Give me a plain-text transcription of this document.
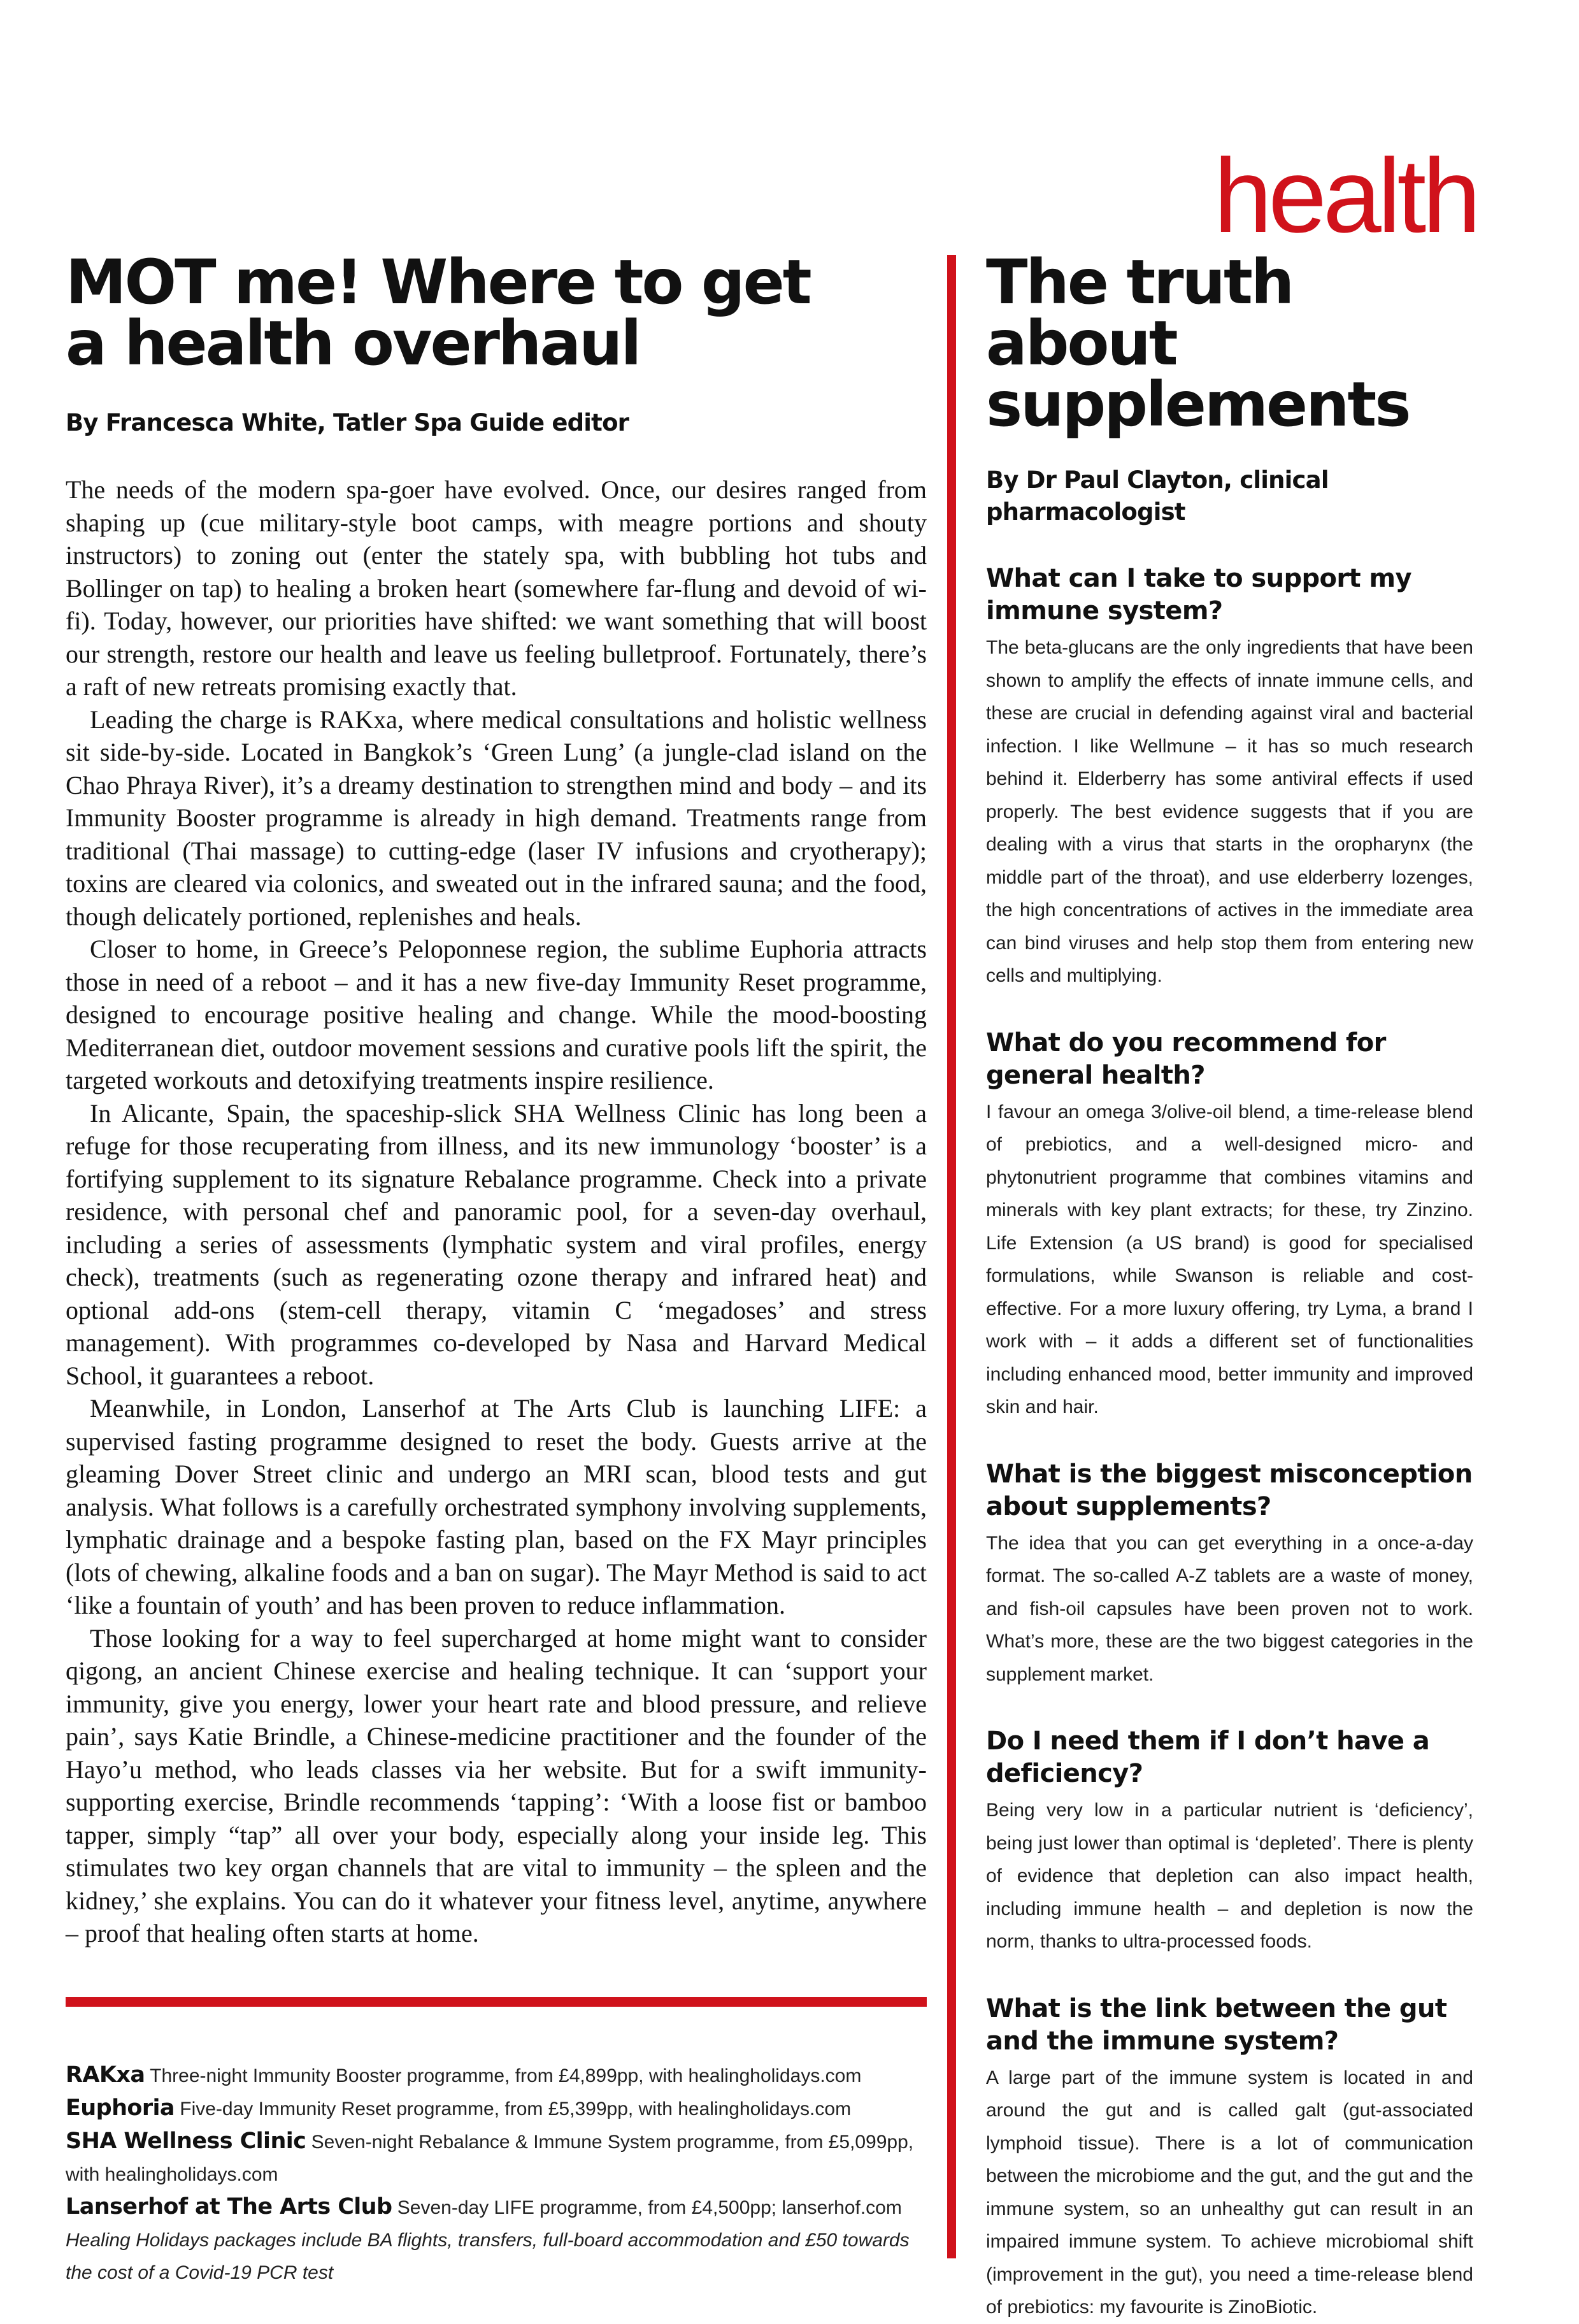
health
MOT me! Where to get
a health overhaul
By Francesca White, Tatler Spa Guide editor

The needs of the modern spa-goer have evolved. Once, our desires ranged from shaping up (cue military-style boot camps, with meagre portions and shouty instructors) to zoning out (enter the stately spa, with bubbling hot tubs and Bollinger on tap) to healing a broken heart (somewhere far-flung and devoid of wi-fi). Today, however, our priorities have shifted: we want something that will boost our strength, restore our health and leave us feeling bulletproof. Fortunately, there’s a raft of new retreats promising exactly that.

Leading the charge is RAKxa, where medical consultations and holistic wellness sit side-by-side. Located in Bangkok’s ‘Green Lung’ (a jungle-clad island on the Chao Phraya River), it’s a dreamy destination to strengthen mind and body – and its Immunity Booster programme is already in high demand. Treatments range from traditional (Thai massage) to cutting-edge (laser IV infusions and cryotherapy); toxins are cleared via colonics, and sweated out in the infrared sauna; and the food, though delicately portioned, replenishes and heals.

Closer to home, in Greece’s Peloponnese region, the sublime Euphoria attracts those in need of a reboot – and it has a new five-day Immunity Reset programme, designed to encourage positive healing and change. While the mood-boosting Mediterranean diet, outdoor movement sessions and curative pools lift the spirit, the targeted workouts and detoxifying treatments inspire resilience.

In Alicante, Spain, the spaceship-slick SHA Wellness Clinic has long been a refuge for those recuperating from illness, and its new immunology ‘booster’ is a fortifying supplement to its signature Rebalance programme. Check into a private residence, with personal chef and panoramic pool, for a seven-day overhaul, including a series of assessments (lymphatic system and viral profiles, energy check), treatments (such as regenerating ozone therapy and infrared heat) and optional add-ons (stem-cell therapy, vitamin C ‘megadoses’ and stress management). With programmes co-developed by Nasa and Harvard Medical School, it guarantees a reboot.

Meanwhile, in London, Lanserhof at The Arts Club is launching LIFE: a supervised fasting programme designed to reset the body. Guests arrive at the gleaming Dover Street clinic and undergo an MRI scan, blood tests and gut analysis. What follows is a carefully orchestrated symphony involving supplements, lymphatic drainage and a bespoke fasting plan, based on the FX Mayr principles (lots of chewing, alkaline foods and a ban on sugar). The Mayr Method is said to act ‘like a fountain of youth’ and has been proven to reduce inflammation.

Those looking for a way to feel supercharged at home might want to consider qigong, an ancient Chinese exercise and healing technique. It can ‘support your immunity, give you energy, lower your heart rate and blood pressure, and relieve pain’, says Katie Brindle, a Chinese-medicine practitioner and the founder of the Hayo’u method, who leads classes via her website. But for a swift immunity-supporting exercise, Brindle recommends ‘tapping’: ‘With a loose fist or bamboo tapper, simply “tap” all over your body, especially along your inside leg. This stimulates two key organ channels that are vital to immunity – the spleen and the kidney,’ she explains. You can do it whatever your fitness level, anytime, anywhere – proof that healing often starts at home.

RAKxa Three-night Immunity Booster programme, from £4,899pp, with healingholidays.com
Euphoria Five-day Immunity Reset programme, from £5,399pp, with healingholidays.com
SHA Wellness Clinic Seven-night Rebalance & Immune System programme, from £5,099pp, with healingholidays.com
Lanserhof at The Arts Club Seven-day LIFE programme, from £4,500pp; lanserhof.com
Healing Holidays packages include BA flights, transfers, full-board accommodation and £50 towards the cost of a Covid-19 PCR test
The truth about
supplements
By Dr Paul Clayton, clinical
pharmacologist
What can I take to support my immune system?

The beta-glucans are the only ingredients that have been shown to amplify the effects of innate immune cells, and these are crucial in defending against viral and bacterial infection. I like Wellmune – it has so much research behind it. Elderberry has some antiviral effects if used properly. The best evidence suggests that if you are dealing with a virus that starts in the oropharynx (the middle part of the throat), and use elderberry lozenges, the high concentrations of actives in the immediate area can bind viruses and help stop them from entering new cells and multiplying.

What do you recommend for general health?

I favour an omega 3/olive-oil blend, a time-release blend of prebiotics, and a well-designed micro- and phytonutrient programme that combines vitamins and minerals with key plant extracts; for these, try Zinzino. Life Extension (a US brand) is good for specialised formulations, while Swanson is reliable and cost-effective. For a more luxury offering, try Lyma, a brand I work with – it adds a different set of functionalities including enhanced mood, better immunity and improved skin and hair.

What is the biggest misconception about supplements?

The idea that you can get everything in a once-a-day format. The so-called A-Z tablets are a waste of money, and fish-oil capsules have been proven not to work. What’s more, these are the two biggest categories in the supplement market.

Do I need them if I don’t have a deficiency?

Being very low in a particular nutrient is ‘deficiency’, being just lower than optimal is ‘depleted’. There is plenty of evidence that depletion can also impact health, including immune health – and depletion is now the norm, thanks to ultra-processed foods.

What is the link between the gut and the immune system?

A large part of the immune system is located in and around the gut and is called galt (gut-associated lymphoid tissue). There is a lot of communication between the microbiome and the gut, and the gut and the immune system, so an unhealthy gut can result in an impaired immune system. To achieve microbiomal shift (improvement in the gut), you need a time-release blend of prebiotics: my favourite is ZinoBiotic.
